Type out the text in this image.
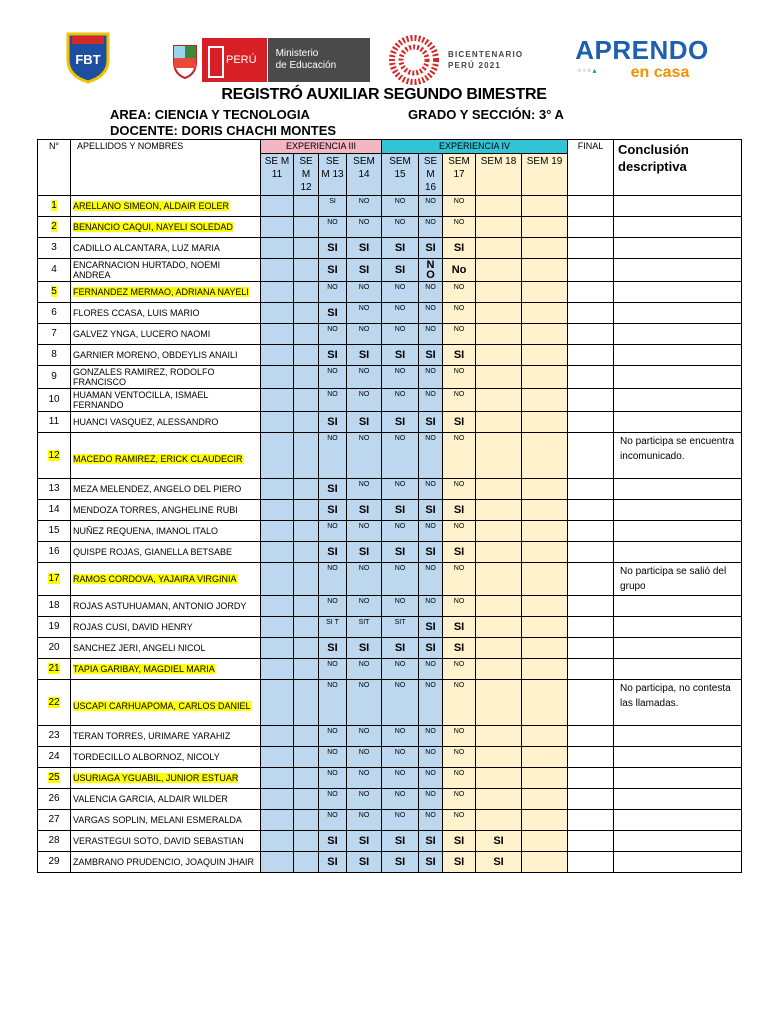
FBT	PERÚ
Ministerio
de Educación
BICENTENARIO
PERÚ 2021
APRENDO
▫◦▫▴	en casa
REGISTRÓ AUXILIAR SEGUNDO BIMESTRE
AREA: CIENCIA Y TECNOLOGIA	GRADO Y SECCIÓN: 3° A
DOCENTE: DORIS CHACHI MONTES
N°	APELLIDOS Y NOMBRES	EXPERIENCIA III				EXPERIENCIA IV					FINAL	Conclusión descriptiva
		SE M 11	SE M 12	SE M 13	SEM 14	SEM 15	SE M 16	SEM 17	SEM 18	SEM 19		
1	ARELLANO SIMEON, ALDAIR EOLER			SI	NO	NO	NO	NO				
2	BENANCIO CAQUI, NAYELI SOLEDAD			NO	NO	NO	NO	NO				
3	CADILLO ALCANTARA, LUZ MARIA			SI	SI	SI	SI	SI				
4	ENCARNACION HURTADO, NOEMI ANDREA			SI	SI	SI	N O	No				
5	FERNANDEZ MERMAO, ADRIANA NAYELI			NO	NO	NO	NO	NO				
6	FLORES CCASA, LUIS MARIO			SI	NO	NO	NO	NO				
7	GALVEZ YNGA, LUCERO NAOMI			NO	NO	NO	NO	NO				
8	GARNIER MORENO, OBDEYLIS ANAILI			SI	SI	SI	SI	SI				
9	GONZALES RAMIREZ, RODOLFO FRANCISCO			NO	NO	NO	NO	NO				
10	HUAMAN VENTOCILLA, ISMAEL FERNANDO			NO	NO	NO	NO	NO				
11	HUANCI VASQUEZ, ALESSANDRO			SI	SI	SI	SI	SI				
12	MACEDO RAMIREZ, ERICK CLAUDECIR			NO	NO	NO	NO	NO				No participa se encuentra incomunicado.
13	MEZA MELENDEZ, ANGELO DEL PIERO			SI	NO	NO	NO	NO				
14	MENDOZA TORRES, ANGHELINE RUBI			SI	SI	SI	SI	SI				
15	NUÑEZ REQUENA, IMANOL ITALO			NO	NO	NO	NO	NO				
16	QUISPE ROJAS, GIANELLA BETSABE			SI	SI	SI	SI	SI				
17	RAMOS CORDOVA, YAJAIRA VIRGINIA			NO	NO	NO	NO	NO				No participa se salió del grupo
18	ROJAS ASTUHUAMAN, ANTONIO JORDY			NO	NO	NO	NO	NO				
19	ROJAS CUSI, DAVID HENRY			SI T	SIT	SIT	SI	SI				
20	SANCHEZ JERI, ANGELI NICOL			SI	SI	SI	SI	SI				
21	TAPIA GARIBAY, MAGDIEL MARIA			NO	NO	NO	NO	NO				
22	USCAPI CARHUAPOMA, CARLOS DANIEL			NO	NO	NO	NO	NO				No participa, no contesta las llamadas.
23	TERAN TORRES, URIMARE YARAHIZ			NO	NO	NO	NO	NO				
24	TORDECILLO ALBORNOZ, NICOLY			NO	NO	NO	NO	NO				
25	USURIAGA YGUABIL, JUNIOR ESTUAR			NO	NO	NO	NO	NO				
26	VALENCIA GARCIA, ALDAIR WILDER			NO	NO	NO	NO	NO				
27	VARGAS SOPLIN, MELANI ESMERALDA			NO	NO	NO	NO	NO				
28	VERASTEGUI SOTO, DAVID SEBASTIAN			SI	SI	SI	SI	SI	SI			
29	ZAMBRANO PRUDENCIO, JOAQUIN JHAIR			SI	SI	SI	SI	SI	SI			
